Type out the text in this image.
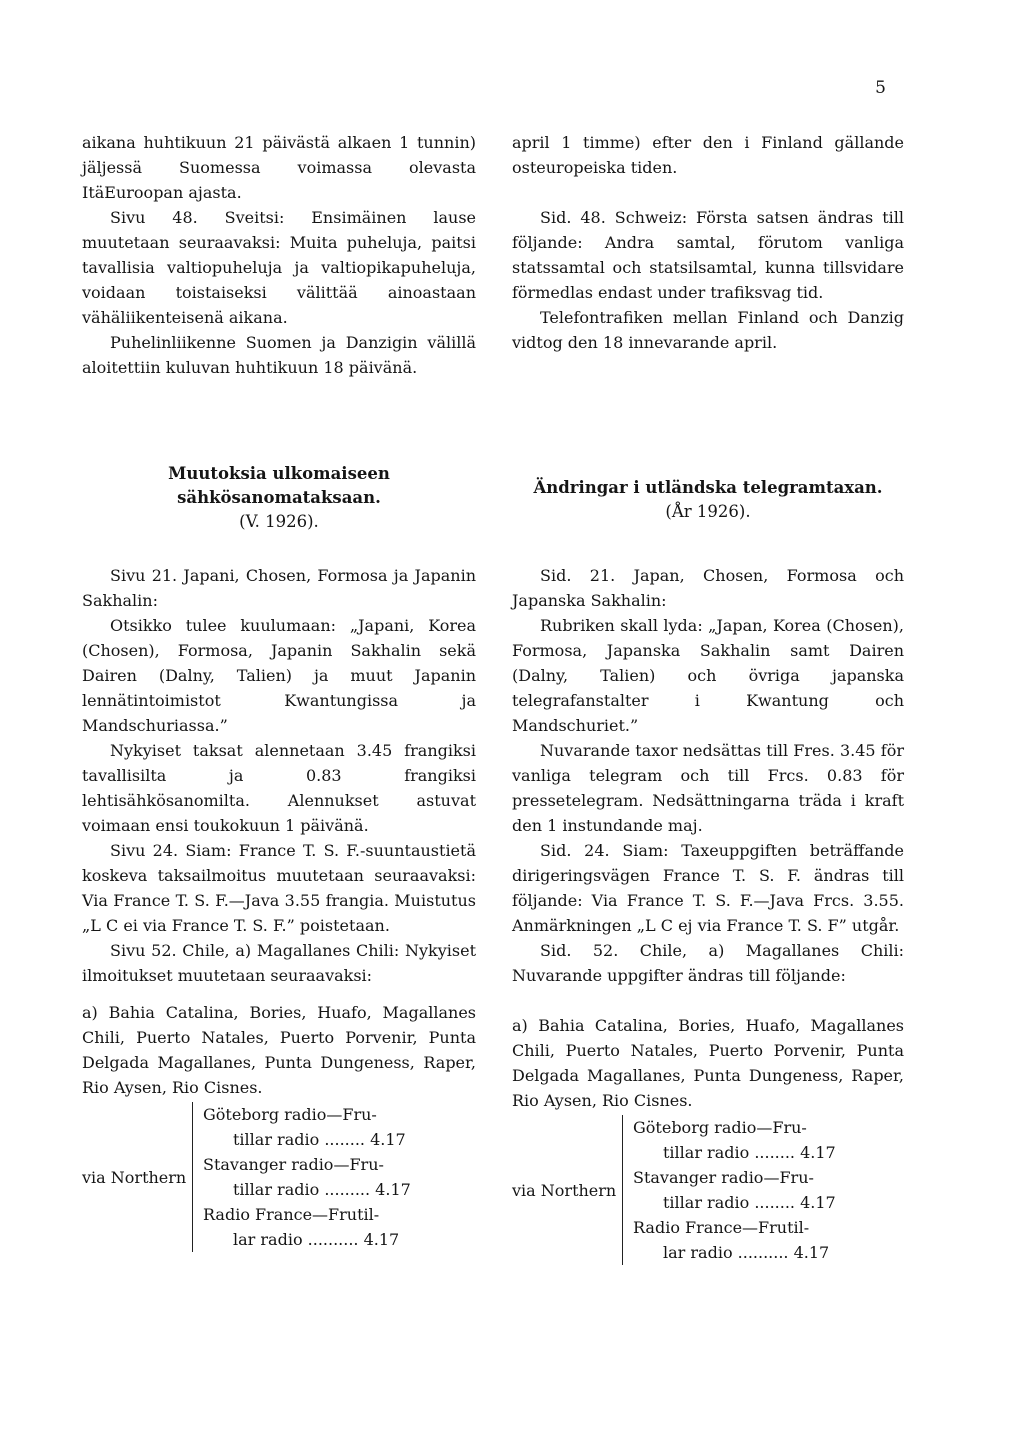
5

aikana huhtikuun 21 päivästä alkaen 1 tunnin) jäljessä Suomessa voimassa olevasta ItäEuroopan ajasta.

Sivu 48. Sveitsi: Ensimäinen lause muutetaan seuraavaksi: Muita puheluja, paitsi tavallisia valtiopuheluja ja valtiopikapuheluja, voidaan toistaiseksi välittää ainoastaan vähäliikenteisenä aikana.

Puhelinliikenne Suomen ja Danzigin välillä aloitettiin kuluvan huhtikuun 18 päivänä.

april 1 timme) efter den i Finland gällande osteuropeiska tiden.

Sid. 48. Schweiz: Första satsen ändras till följande: Andra samtal, förutom vanliga statssamtal och statsilsamtal, kunna tillsvidare förmedlas endast under trafiksvag tid.

Telefontrafiken mellan Finland och Danzig vidtog den 18 innevarande april.

Muutoksia ulkomaiseen sähkösanomataksaan.
(V. 1926).
Ändringar i utländska telegramtaxan.
(År 1926).

Sivu 21. Japani, Chosen, Formosa ja Japanin Sakhalin:

Otsikko tulee kuulumaan: „Japani, Korea (Chosen), Formosa, Japanin Sakhalin sekä Dairen (Dalny, Talien) ja muut Japanin lennätintoimistot Kwantungissa ja Mandschuriassa.”

Nykyiset taksat alennetaan 3.45 frangiksi tavallisilta ja 0.83 frangiksi lehtisähkösanomilta. Alennukset astuvat voimaan ensi toukokuun 1 päivänä.

Sivu 24. Siam: France T. S. F.-suuntaustietä koskeva taksailmoitus muutetaan seuraavaksi: Via France T. S. F.—Java 3.55 frangia. Muistutus „L C ei via France T. S. F.” poistetaan.

Sivu 52. Chile, a) Magallanes Chili: Nykyiset ilmoitukset muutetaan seuraavaksi:

a) Bahia Catalina, Bories, Huafo, Magallanes Chili, Puerto Natales, Puerto Porvenir, Punta Delgada Magallanes, Punta Dungeness, Raper, Rio Aysen, Rio Cisnes.

via Northern
Göteborg radio—Fru-
tillar radio ........ 4.17
Stavanger radio—Fru-
tillar radio ......... 4.17
Radio France—Frutil-
lar radio .......... 4.17

Sid. 21. Japan, Chosen, Formosa och Japanska Sakhalin:

Rubriken skall lyda: „Japan, Korea (Chosen), Formosa, Japanska Sakhalin samt Dairen (Dalny, Talien) och övriga japanska telegrafanstalter i Kwantung och Mandschuriet.”

Nuvarande taxor nedsättas till Fres. 3.45 för vanliga telegram och till Frcs. 0.83 för pressetelegram. Nedsättningarna träda i kraft den 1 instundande maj.

Sid. 24. Siam: Taxeuppgiften beträffande dirigeringsvägen France T. S. F. ändras till följande: Via France T. S. F.—Java Frcs. 3.55. Anmärkningen „L C ej via France T. S. F” utgår.

Sid. 52. Chile, a) Magallanes Chili: Nuvarande uppgifter ändras till följande:

a) Bahia Catalina, Bories, Huafo, Magallanes Chili, Puerto Natales, Puerto Porvenir, Punta Delgada Magallanes, Punta Dungeness, Raper, Rio Aysen, Rio Cisnes.

via Northern
Göteborg radio—Fru-
tillar radio ........ 4.17
Stavanger radio—Fru-
tillar radio ........ 4.17
Radio France—Frutil-
lar radio .......... 4.17
